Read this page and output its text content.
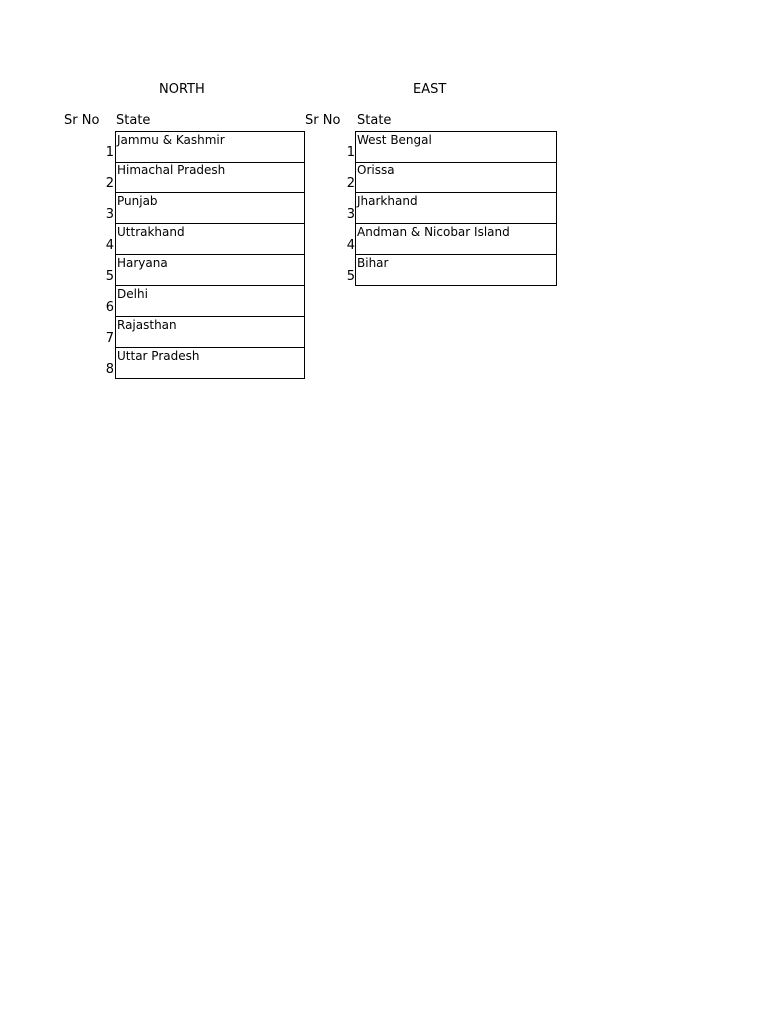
NORTH
Sr No State
1
Jammu & Kashmir
2
Himachal Pradesh
3
Punjab
4
Uttrakhand
5
Haryana
6
Delhi
7
Rajasthan
8
Uttar Pradesh
EAST
Sr No State
1
West Bengal
2
Orissa
3
Jharkhand
4
Andman & Nicobar Island
5
Bihar
